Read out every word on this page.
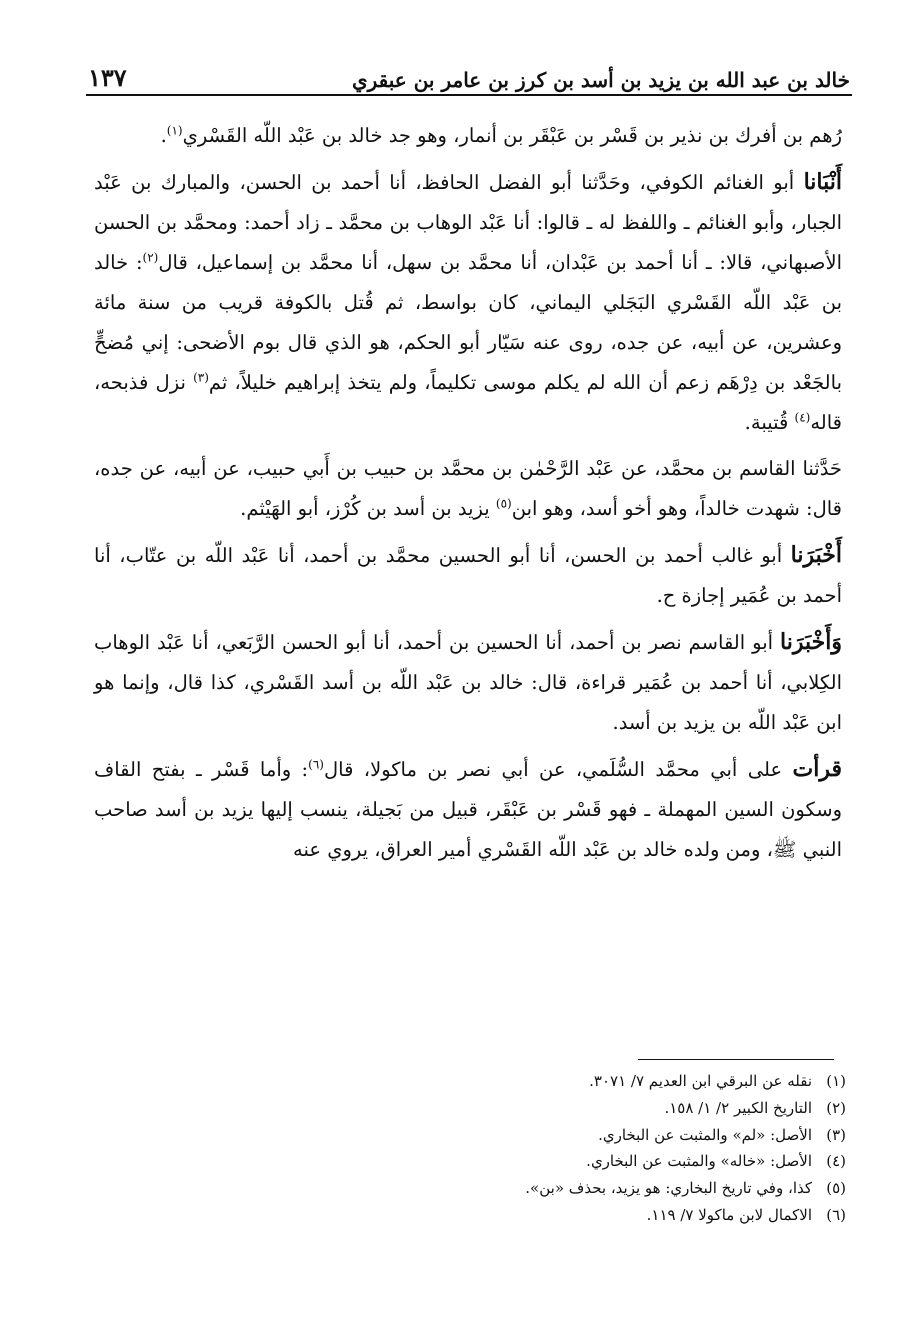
خالد بن عبد الله بن يزيد بن أسد بن كرز بن عامر بن عبقري
١٣٧

رُهم بن أفرك بن نذير بن قَسْر بن عَبْقَر بن أنمار، وهو جد خالد بن عَبْد اللّه القَسْري$^{(١)}$.

أَنْبَانا أبو الغنائم الكوفي، وحَدَّثنا أبو الفضل الحافظ، أنا أحمد بن الحسن، والمبارك بن عَبْد الجبار، وأبو الغنائم ـ واللفظ له ـ قالوا: أنا عَبْد الوهاب بن محمَّد ـ زاد أحمد: ومحمَّد بن الحسن الأصبهاني، قالا: ـ أنا أحمد بن عَبْدان، أنا محمَّد بن سهل، أنا محمَّد بن إسماعيل، قال$^{(٢)}$: خالد بن عَبْد اللّه القَسْري البَجَلي اليماني، كان بواسط، ثم قُتل بالكوفة قريب من سنة مائة وعشرين، عن أبيه، عن جده، روى عنه سَيّار أبو الحكم، هو الذي قال بوم الأضحى: إني مُضحٍّ بالجَعْد بن دِرْهَم زعم أن الله لم يكلم موسى تكليماً، ولم يتخذ إبراهيم خليلاً، ثم$^{(٣)}$ نزل فذبحه، قاله$^{(٤)}$ قُتيبة.

حَدَّثنا القاسم بن محمَّد، عن عَبْد الرَّحْمٰن بن محمَّد بن حبيب بن أَبي حبيب، عن أبيه، عن جده، قال: شهدت خالداً، وهو أخو أسد، وهو ابن$^{(٥)}$ يزيد بن أسد بن كُرْز، أبو الهَيْثم.

أَخْبَرَنا أبو غالب أحمد بن الحسن، أنا أبو الحسين محمَّد بن أحمد، أنا عَبْد اللّه بن عتّاب، أنا أحمد بن عُمَير إجازة ح.

وَأَخْبَرَنا أبو القاسم نصر بن أحمد، أنا الحسين بن أحمد، أنا أبو الحسن الرَّبَعي، أنا عَبْد الوهاب الكِلابي، أنا أحمد بن عُمَير قراءة، قال: خالد بن عَبْد اللّه بن أسد القَسْري، كذا قال، وإنما هو ابن عَبْد اللّه بن يزيد بن أسد.

قرأت على أبي محمَّد السُّلَمي، عن أبي نصر بن ماكولا، قال$^{(٦)}$: وأما قَسْر ـ بفتح القاف وسكون السين المهملة ـ فهو قَسْر بن عَبْقَر، قبيل من بَجيلة، ينسب إليها يزيد بن أسد صاحب النبي ﷺ، ومن ولده خالد بن عَبْد اللّه القَسْري أمير العراق، يروي عنه

(١)نقله عن البرقي ابن العديم ٧/ ٣٠٧١.
(٢)التاريخ الكبير ٢/ ١/ ١٥٨.
(٣)الأصل: «لم» والمثبت عن البخاري.
(٤)الأصل: «خاله» والمثبت عن البخاري.
(٥)كذا، وفي تاريخ البخاري: هو يزيد، بحذف «بن».
(٦)الاكمال لابن ماكولا ٧/ ١١٩.
